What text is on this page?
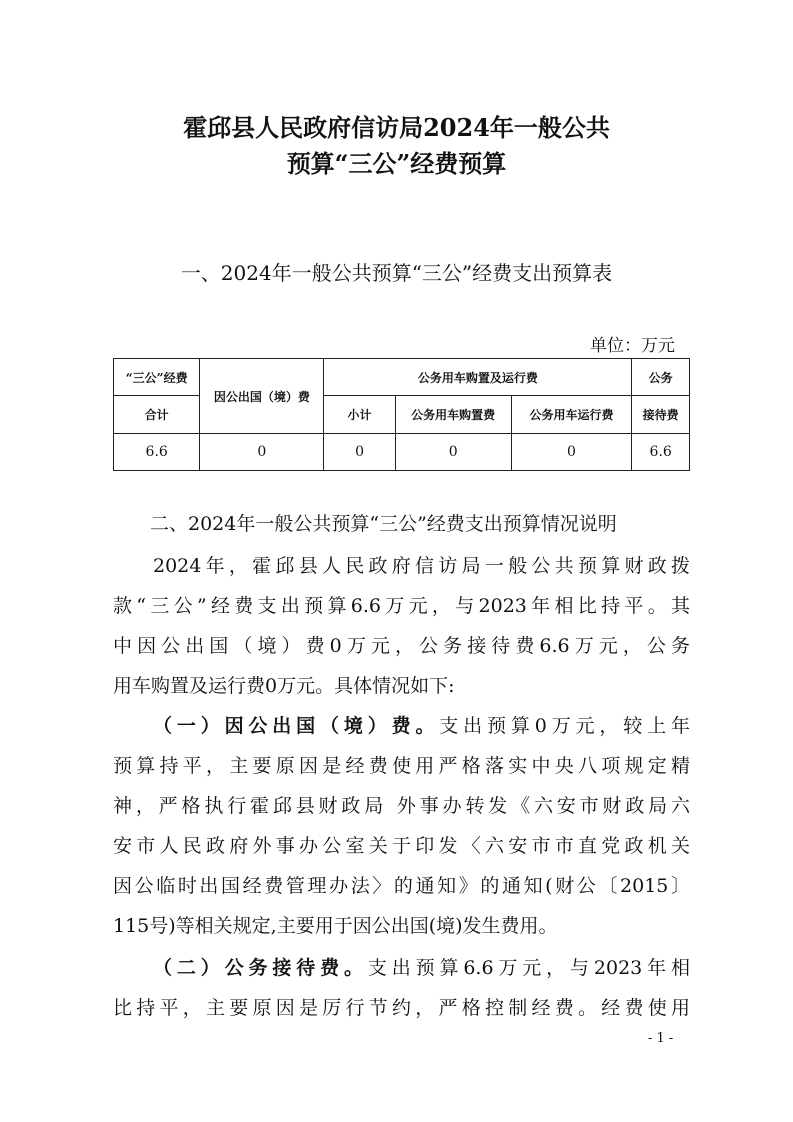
霍邱县人民政府信访局2024年一般公共
预算“三公”经费预算
一、2024年一般公共预算“三公”经费支出预算表
单位：万元
“三公”经费	因公出国（境）费	公务用车购置及运行费			公务
合计		小计	公务用车购置费	公务用车运行费	接待费
6.6	0	0	0	0	6.6
二、2024年一般公共预算“三公”经费支出预算情况说明
2024年，霍邱县人民政府信访局一般公共预算财政拨
款“三公”经费支出预算6.6万元，与2023年相比持平。其
中因公出国（境）费0万元，公务接待费6.6万元，公务
用车购置及运行费0万元。具体情况如下:
（一）因公出国（境）费。支出预算0万元，较上年
预算持平，主要原因是经费使用严格落实中央八项规定精
神，严格执行霍邱县财政局 外事办转发《六安市财政局六
安市人民政府外事办公室关于印发〈六安市市直党政机关
因公临时出国经费管理办法〉的通知》的通知(财公〔2015〕
115号)等相关规定,主要用于因公出国(境)发生费用。
（二）公务接待费。支出预算6.6万元，与2023年相
比持平，主要原因是厉行节约，严格控制经费。经费使用
- 1 -
